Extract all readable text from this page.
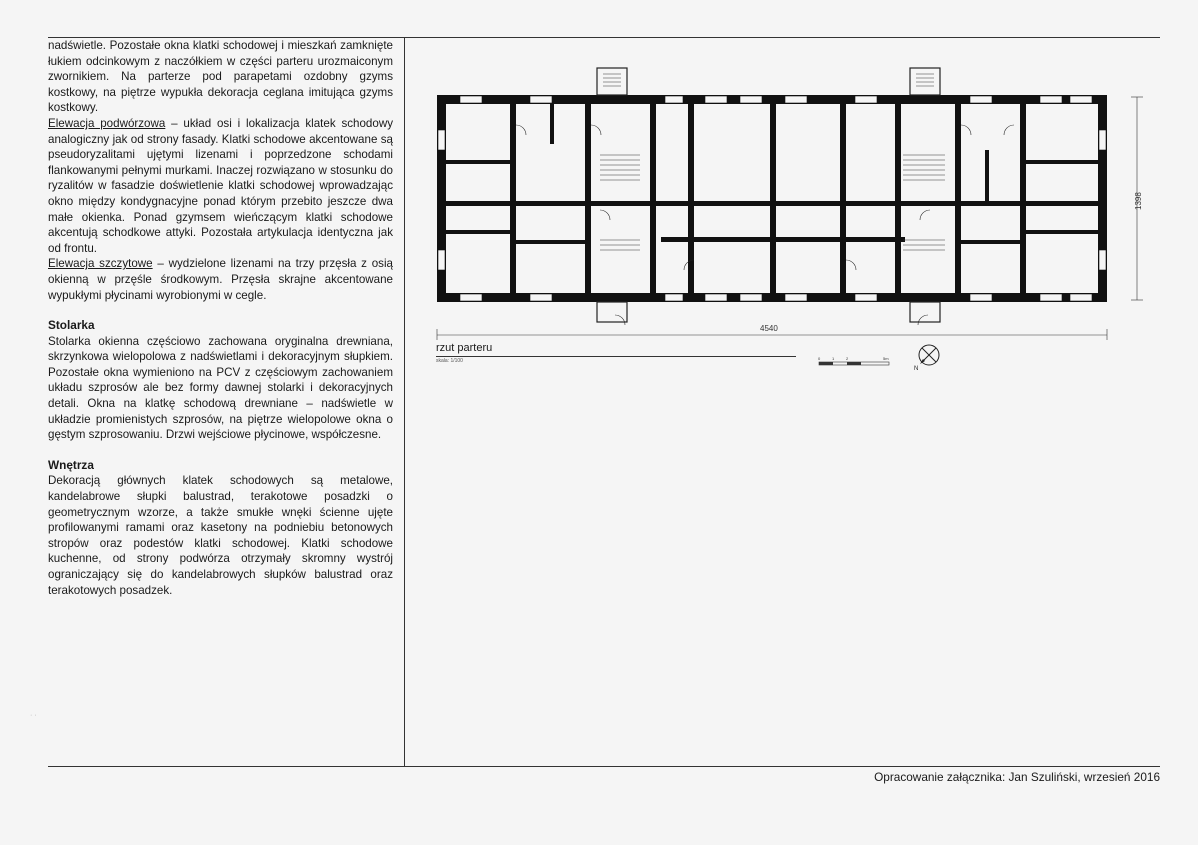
nadświetle. Pozostałe okna klatki schodowej i mieszkań zamknięte łukiem odcinkowym z naczółkiem w części parteru urozmaiconym zwornikiem. Na parterze pod parapetami ozdobny gzyms kostkowy, na piętrze wypukła dekoracja ceglana imitująca gzyms kostkowy.

Elewacja podwórzowa – układ osi i lokalizacja klatek schodowy analogiczny jak od strony fasady. Klatki schodowe akcentowane są pseudoryzalitami ujętymi lizenami i poprzedzone schodami flankowanymi pełnymi murkami. Inaczej rozwiązano w stosunku do ryzalitów w fasadzie doświetlenie klatki schodowej wprowadzając okno między kondygnacyjne ponad którym przebito jeszcze dwa małe okienka. Ponad gzymsem wieńczącym klatki schodowe akcentują schodkowe attyki. Pozostała artykulacja identyczna jak od frontu.

Elewacja szczytowe – wydzielone lizenami na trzy przęsła z osią okienną w przęśle środkowym. Przęsła skrajne akcentowane wypukłymi płycinami wyrobionymi w cegle.

Stolarka

Stolarka okienna częściowo zachowana oryginalna drewniana, skrzynkowa wielopolowa z nadświetlami i dekoracyjnym słupkiem. Pozostałe okna wymieniono na PCV z częściowym zachowaniem układu szprosów ale bez formy dawnej stolarki i dekoracyjnych detali. Okna na klatkę schodową drewniane – nadświetle w układzie promienistych szprosów, na piętrze wielopolowe okna o gęstym szprosowaniu. Drzwi wejściowe płycinowe, współczesne.

Wnętrza

Dekoracją głównych klatek schodowych są metalowe, kandelabrowe słupki balustrad, terakotowe posadzki o geometrycznym wzorze, a także smukłe wnęki ścienne ujęte profilowanymi ramami oraz kasetony na podniebiu betonowych stropów oraz podestów klatki schodowej. Klatki schodowe kuchenne, od strony podwórza otrzymały skromny wystrój ograniczający się do kandelabrowych słupków balustrad oraz terakotowych posadzek.

· ·
1398
4540
rzut parteru
skala: 1/100	0	1	2	5m
N
Opracowanie załącznika: Jan Szuliński, wrzesień 2016
